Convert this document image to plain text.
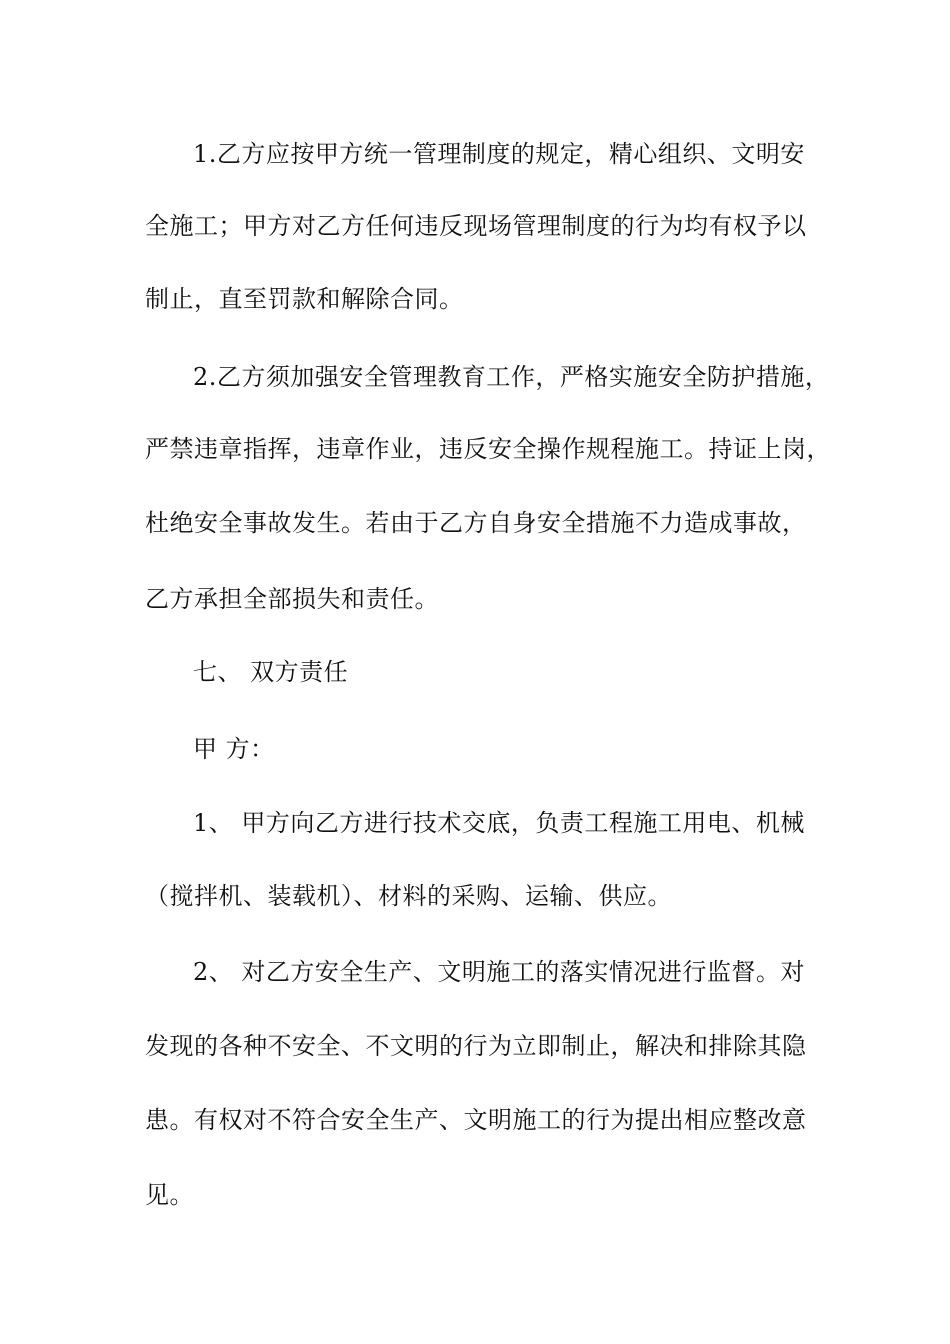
1.乙方应按甲方统一管理制度的规定，精心组织、文明安
全施工；甲方对乙方任何违反现场管理制度的行为均有权予以
制止，直至罚款和解除合同。
2.乙方须加强安全管理教育工作，严格实施安全防护措施，
严禁违章指挥，违章作业，违反安全操作规程施工。持证上岗，
杜绝安全事故发生。若由于乙方自身安全措施不力造成事故，
乙方承担全部损失和责任。
七、 双方责任
甲 方：
1、 甲方向乙方进行技术交底，负责工程施工用电、机械
（搅拌机、装载机）、材料的采购、运输、供应。
2、 对乙方安全生产、文明施工的落实情况进行监督。对
发现的各种不安全、不文明的行为立即制止，解决和排除其隐
患。有权对不符合安全生产、文明施工的行为提出相应整改意
见。
